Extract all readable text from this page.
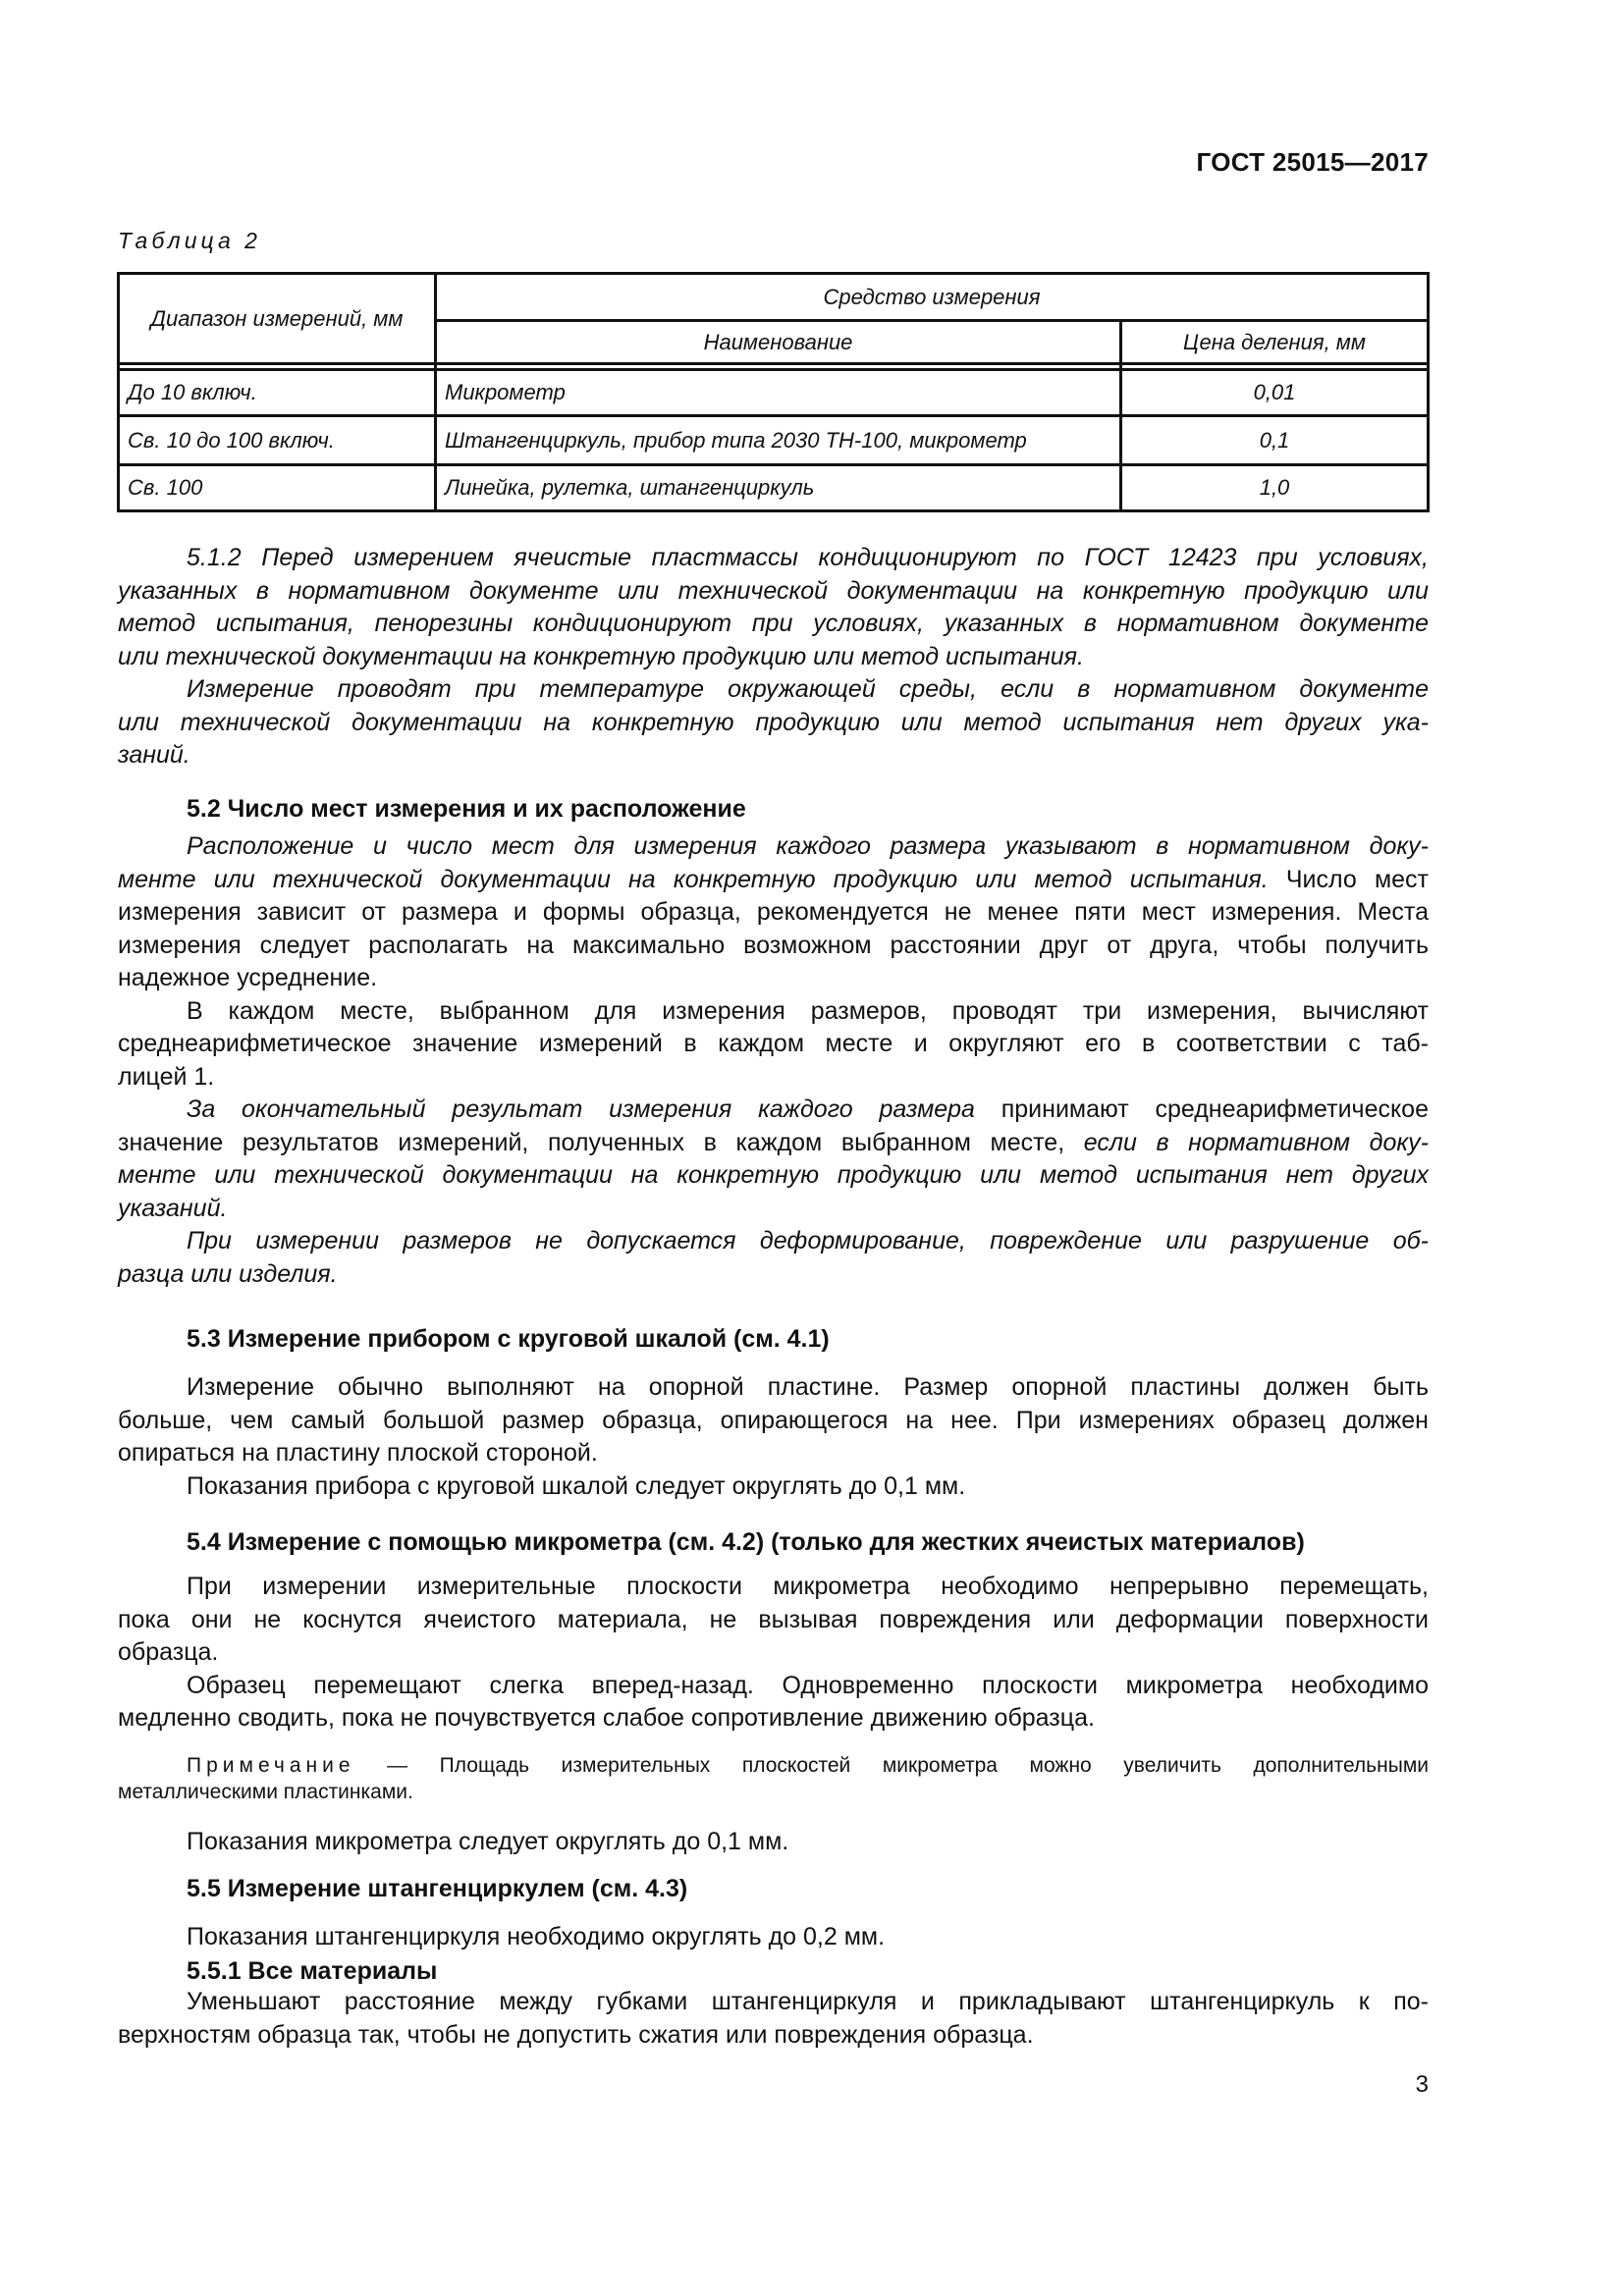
ГОСТ 25015—2017
Таблица 2
Диапазон измерений, мм
Средство измерения
Наименование	Цена деления, мм
До 10 включ.	Микрометр	0,01
Св. 10 до 100 включ.	Штангенциркуль, прибор типа 2030 ТН-100, микрометр	0,1
Св. 100	Линейка, рулетка, штангенциркуль	1,0
5.1.2 Перед измерением ячеистые пластмассы кондиционируют по ГОСТ 12423 при условиях,
указанных в нормативном документе или технической документации на конкретную продукцию или
метод испытания, пенорезины кондиционируют при условиях, указанных в нормативном документе
или технической документации на конкретную продукцию или метод испытания.
Измерение проводят при температуре окружающей среды, если в нормативном документе
или технической документации на конкретную продукцию или метод испытания нет других ука-
заний.
5.2 Число мест измерения и их расположение
Расположение и число мест для измерения каждого размера указывают в нормативном доку-
менте или технической документации на конкретную продукцию или метод испытания. Число мест
измерения зависит от размера и формы образца, рекомендуется не менее пяти мест измерения. Места
измерения следует располагать на максимально возможном расстоянии друг от друга, чтобы получить
надежное усреднение.
В каждом месте, выбранном для измерения размеров, проводят три измерения, вычисляют
среднеарифметическое значение измерений в каждом месте и округляют его в соответствии с таб-
лицей 1.
За окончательный результат измерения каждого размера принимают среднеарифметическое
значение результатов измерений, полученных в каждом выбранном месте, если в нормативном доку-
менте или технической документации на конкретную продукцию или метод испытания нет других
указаний.
При измерении размеров не допускается деформирование, повреждение или разрушение об-
разца или изделия.
5.3 Измерение прибором с круговой шкалой (см. 4.1)
Измерение обычно выполняют на опорной пластине. Размер опорной пластины должен быть
больше, чем самый большой размер образца, опирающегося на нее. При измерениях образец должен
опираться на пластину плоской стороной.
Показания прибора с круговой шкалой следует округлять до 0,1 мм.
5.4 Измерение с помощью микрометра (см. 4.2) (только для жестких ячеистых материалов)
При измерении измерительные плоскости микрометра необходимо непрерывно перемещать,
пока они не коснутся ячеистого материала, не вызывая повреждения или деформации поверхности
образца.
Образец перемещают слегка вперед-назад. Одновременно плоскости микрометра необходимо
медленно сводить, пока не почувствуется слабое сопротивление движению образца.
Примечание — Площадь измерительных плоскостей микрометра можно увеличить дополнительными
металлическими пластинками.
Показания микрометра следует округлять до 0,1 мм.
5.5 Измерение штангенциркулем (см. 4.3)
Показания штангенциркуля необходимо округлять до 0,2 мм.
5.5.1 Все материалы
Уменьшают расстояние между губками штангенциркуля и прикладывают штангенциркуль к по-
верхностям образца так, чтобы не допустить сжатия или повреждения образца.
3
